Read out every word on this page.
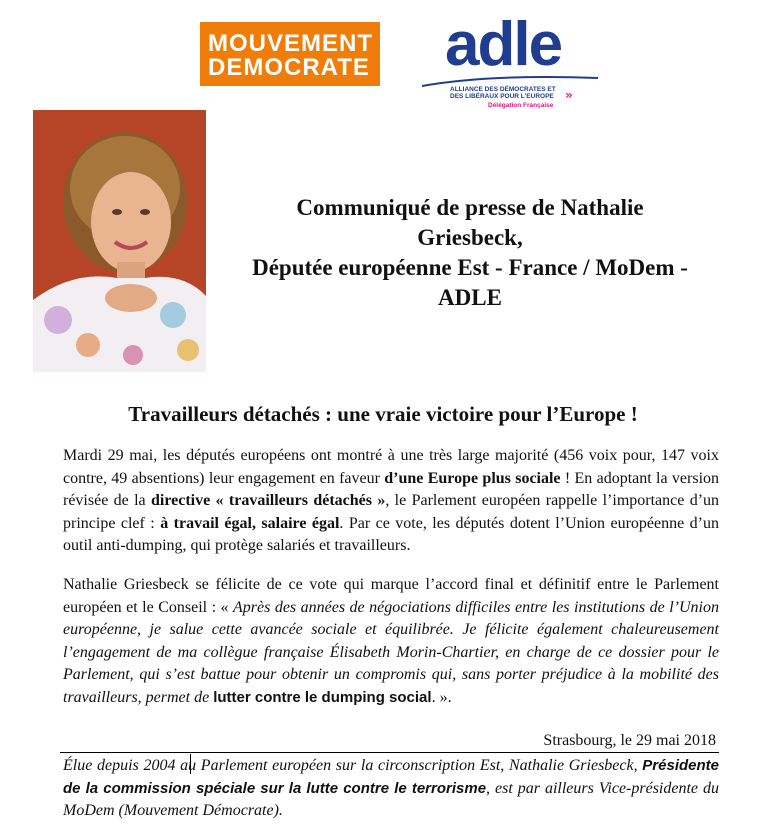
MOUVEMENT
DEMOCRATE adle
ALLIANCE DES DÉMOCRATES ET
DES LIBÉRAUX POUR L'EUROPE »
Délégation Française
Communiqué de presse de Nathalie
Griesbeck,
Députée européenne Est - France / MoDem -
ADLE
Travailleurs détachés : une vraie victoire pour l’Europe !

Mardi 29 mai, les députés européens ont montré à une très large majorité (456 voix pour, 147 voix contre, 49 absentions) leur engagement en faveur d’une Europe plus sociale ! En adoptant la version révisée de la directive « travailleurs détachés », le Parlement européen rappelle l’importance d’un principe clef : à travail égal, salaire égal. Par ce vote, les députés dotent l’Union européenne d’un outil anti-dumping, qui protège salariés et travailleurs.

Nathalie Griesbeck se félicite de ce vote qui marque l’accord final et définitif entre le Parlement européen et le Conseil : « Après des années de négociations difficiles entre les institutions de l’Union européenne, je salue cette avancée sociale et équilibrée. Je félicite également chaleureusement l’engagement de ma collègue française Élisabeth Morin-Chartier, en charge de ce dossier pour le Parlement, qui s’est battue pour obtenir un compromis qui, sans porter préjudice à la mobilité des travailleurs, permet de lutter contre le dumping social. ».

Strasbourg, le 29 mai 2018

Élue depuis 2004 au Parlement européen sur la circonscription Est, Nathalie Griesbeck, Présidente de la commission spéciale sur la lutte contre le terrorisme, est par ailleurs Vice-présidente du MoDem (Mouvement Démocrate).
